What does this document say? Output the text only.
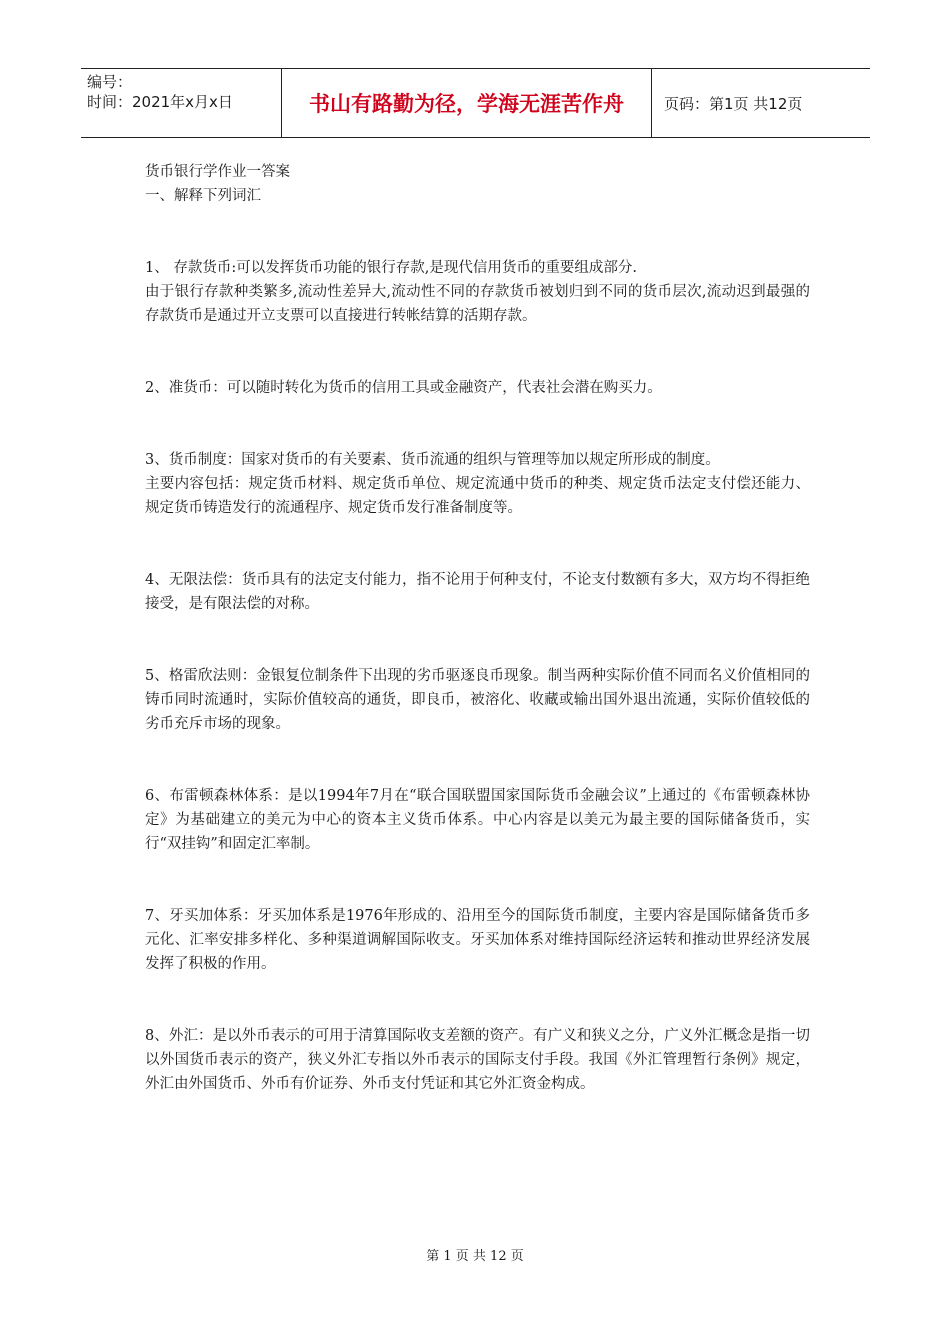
编号：
时间：2021年x月x日	书山有路勤为径，学海无涯苦作舟	页码：第1页 共12页

货币银行学作业一答案

一、解释下列词汇

1、 存款货币:可以发挥货币功能的银行存款,是现代信用货币的重要组成部分.

由于银行存款种类繁多,流动性差异大,流动性不同的存款货币被划归到不同的货币层次,流动迟到最强的存款货币是通过开立支票可以直接进行转帐结算的活期存款。

2、准货币：可以随时转化为货币的信用工具或金融资产，代表社会潜在购买力。

3、货币制度：国家对货币的有关要素、货币流通的组织与管理等加以规定所形成的制度。

主要内容包括：规定货币材料、规定货币单位、规定流通中货币的种类、规定货币法定支付偿还能力、规定货币铸造发行的流通程序、规定货币发行准备制度等。

4、无限法偿：货币具有的法定支付能力，指不论用于何种支付，不论支付数额有多大，双方均不得拒绝接受，是有限法偿的对称。

5、格雷欣法则：金银复位制条件下出现的劣币驱逐良币现象。制当两种实际价值不同而名义价值相同的铸币同时流通时，实际价值较高的通货，即良币，被溶化、收藏或输出国外退出流通，实际价值较低的劣币充斥市场的现象。

6、布雷顿森林体系：是以1994年7月在“联合国联盟国家国际货币金融会议”上通过的《布雷顿森林协定》为基础建立的美元为中心的资本主义货币体系。中心内容是以美元为最主要的国际储备货币，实行“双挂钩”和固定汇率制。

7、牙买加体系：牙买加体系是1976年形成的、沿用至今的国际货币制度，主要内容是国际储备货币多元化、汇率安排多样化、多种渠道调解国际收支。牙买加体系对维持国际经济运转和推动世界经济发展发挥了积极的作用。

8、外汇：是以外币表示的可用于清算国际收支差额的资产。有广义和狭义之分，广义外汇概念是指一切以外国货币表示的资产，狭义外汇专指以外币表示的国际支付手段。我国《外汇管理暂行条例》规定，外汇由外国货币、外币有价证券、外币支付凭证和其它外汇资金构成。

第 1 页 共 12 页
